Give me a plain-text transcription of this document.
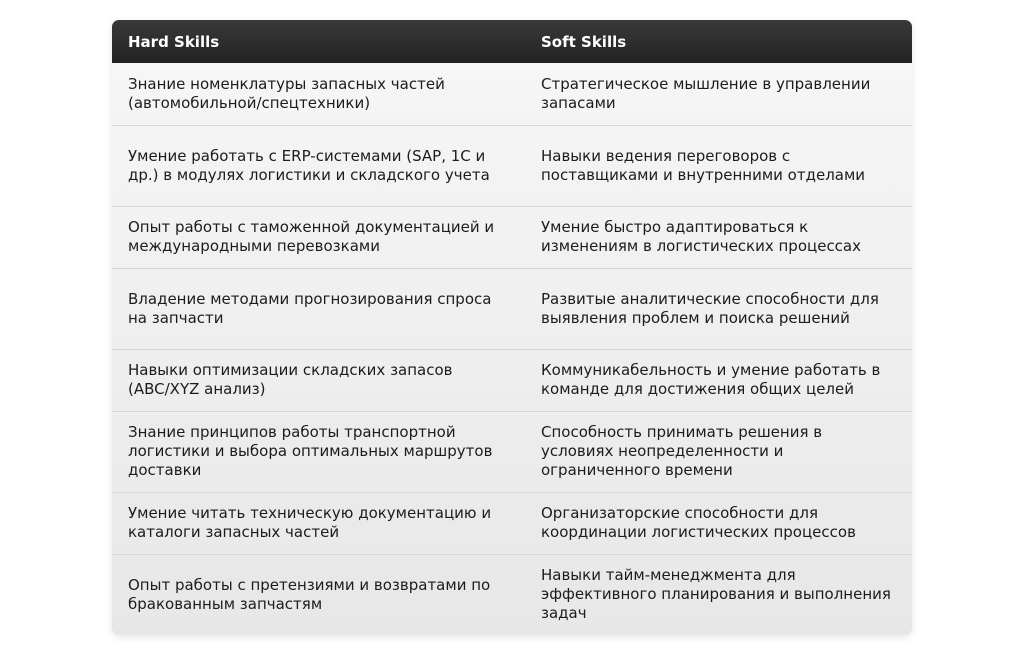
Hard Skills	Soft Skills
Знание номенклатуры запасных частей (автомобильной/спецтехники)	Стратегическое мышление в управлении запасами
Умение работать с ERP-системами (SAP, 1С и др.) в модулях логистики и складского учета	Навыки ведения переговоров с поставщиками и внутренними отделами
Опыт работы с таможенной документацией и международными перевозками	Умение быстро адаптироваться к изменениям в логистических процессах
Владение методами прогнозирования спроса на запчасти	Развитые аналитические способности для выявления проблем и поиска решений
Навыки оптимизации складских запасов (ABC/XYZ анализ)	Коммуникабельность и умение работать в команде для достижения общих целей
Знание принципов работы транспортной логистики и выбора оптимальных маршрутов доставки	Способность принимать решения в условиях неопределенности и ограниченного времени
Умение читать техническую документацию и каталоги запасных частей	Организаторские способности для координации логистических процессов
Опыт работы с претензиями и возвратами по бракованным запчастям	Навыки тайм-менеджмента для эффективного планирования и выполнения задач
